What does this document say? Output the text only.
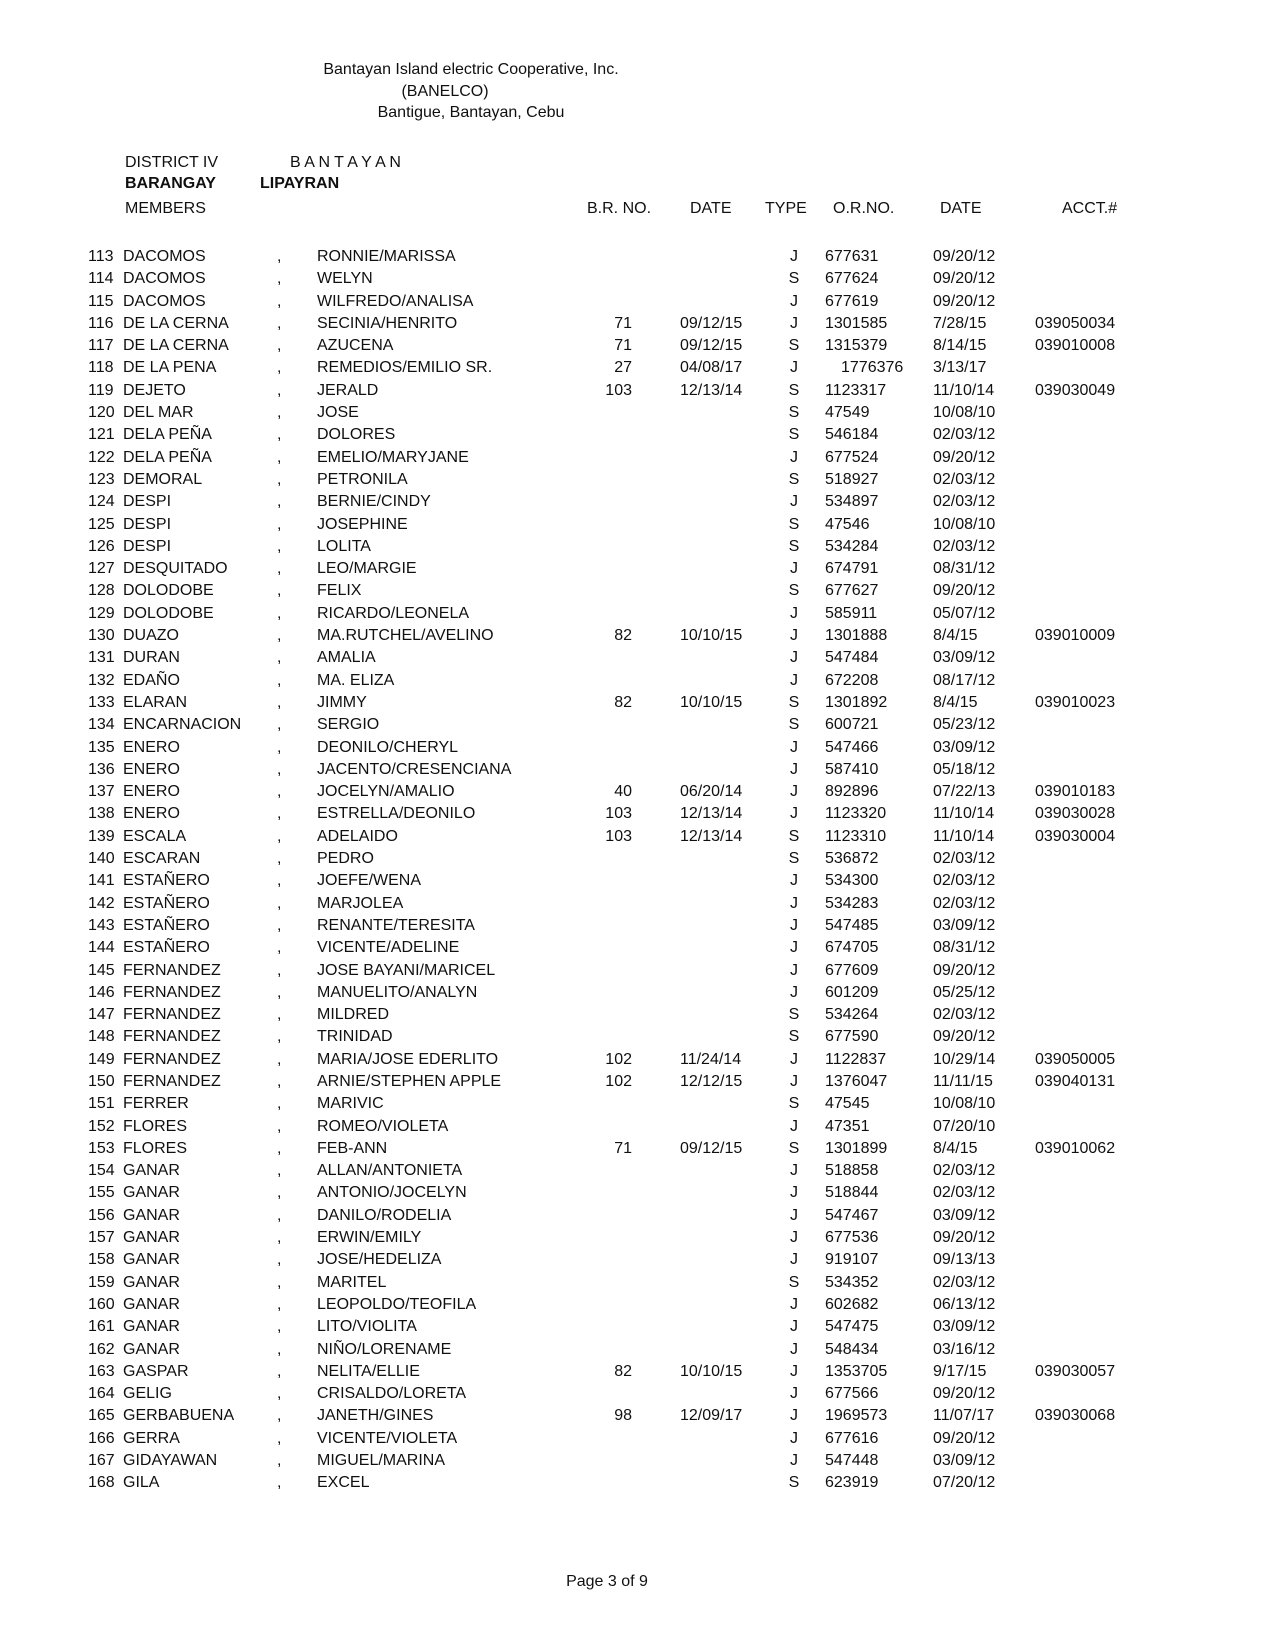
Bantayan Island electric Cooperative, Inc.
(BANELCO)
Bantigue, Bantayan, Cebu
DISTRICT IV	B A N T A Y A N
BARANGAY	LIPAYRAN
MEMBERS	B.R. NO. DATE TYPE O.R.NO.	DATE	ACCT.#
113 DACOMOS	, RONNIE/MARISSA	J	677631	09/20/12
114 DACOMOS	, WELYN	S	677624	09/20/12
115 DACOMOS	, WILFREDO/ANALISA	J	677619	09/20/12
116 DE LA CERNA	, SECINIA/HENRITO	71	09/12/15	J	1301585	7/28/15	039050034
117 DE LA CERNA	, AZUCENA	71	09/12/15	S	1315379	8/14/15	039010008
118 DE LA PENA	, REMEDIOS/EMILIO SR.	27	04/08/17	J	 1776376 3/13/17
119 DEJETO	, JERALD	103	12/13/14	S	1123317	11/10/14	039030049
120 DEL MAR	, JOSE	S	47549	10/08/10
121 DELA PEÑA	, DOLORES	S	546184	02/03/12
122 DELA PEÑA	, EMELIO/MARYJANE	J	677524	09/20/12
123 DEMORAL	, PETRONILA	S	518927	02/03/12
124 DESPI	, BERNIE/CINDY	J	534897	02/03/12
125 DESPI	, JOSEPHINE	S	47546	10/08/10
126 DESPI	, LOLITA	S	534284	02/03/12
127 DESQUITADO	, LEO/MARGIE	J	674791	08/31/12
128 DOLODOBE	, FELIX	S	677627	09/20/12
129 DOLODOBE	, RICARDO/LEONELA	J	585911	05/07/12
130 DUAZO	, MA.RUTCHEL/AVELINO	82	10/10/15	J	1301888	8/4/15	039010009
131 DURAN	, AMALIA	J	547484	03/09/12
132 EDAÑO	, MA. ELIZA	J	672208	08/17/12
133 ELARAN	, JIMMY	82	10/10/15	S	1301892	8/4/15	039010023
134 ENCARNACION , SERGIO	S	600721	05/23/12
135 ENERO	, DEONILO/CHERYL	J	547466	03/09/12
136 ENERO	, JACENTO/CRESENCIANA	J	587410	05/18/12
137 ENERO	, JOCELYN/AMALIO	40	06/20/14	J	892896	07/22/13 039010183
138 ENERO	, ESTRELLA/DEONILO	103	12/13/14	J	1123320	11/10/14	039030028
139 ESCALA	, ADELAIDO	103	12/13/14	S	1123310	11/10/14	039030004
140 ESCARAN	, PEDRO	S	536872	02/03/12
141 ESTAÑERO	, JOEFE/WENA	J	534300	02/03/12
142 ESTAÑERO	, MARJOLEA	J	534283	02/03/12
143 ESTAÑERO	, RENANTE/TERESITA	J	547485	03/09/12
144 ESTAÑERO	, VICENTE/ADELINE	J	674705	08/31/12
145 FERNANDEZ	, JOSE BAYANI/MARICEL	J	677609	09/20/12
146 FERNANDEZ	, MANUELITO/ANALYN	J	601209	05/25/12
147 FERNANDEZ	, MILDRED	S	534264	02/03/12
148 FERNANDEZ	, TRINIDAD	S	677590	09/20/12
149 FERNANDEZ	, MARIA/JOSE EDERLITO	102	11/24/14	J	1122837	10/29/14 039050005
150 FERNANDEZ	, ARNIE/STEPHEN APPLE	102	12/12/15	J	1376047	11/11/15	039040131
151 FERRER	, MARIVIC	S	47545	10/08/10
152 FLORES	, ROMEO/VIOLETA	J	47351	07/20/10
153 FLORES	, FEB-ANN	71	09/12/15	S	1301899	8/4/15	039010062
154 GANAR	, ALLAN/ANTONIETA	J	518858	02/03/12
155 GANAR	, ANTONIO/JOCELYN	J	518844	02/03/12
156 GANAR	, DANILO/RODELIA	J	547467	03/09/12
157 GANAR	, ERWIN/EMILY	J	677536	09/20/12
158 GANAR	, JOSE/HEDELIZA	J	919107	09/13/13
159 GANAR	, MARITEL	S	534352	02/03/12
160 GANAR	, LEOPOLDO/TEOFILA	J	602682	06/13/12
161 GANAR	, LITO/VIOLITA	J	547475	03/09/12
162 GANAR	, NIÑO/LORENAME	J	548434	03/16/12
163 GASPAR	, NELITA/ELLIE	82	10/10/15	J	1353705	9/17/15	039030057
164 GELIG	, CRISALDO/LORETA	J	677566	09/20/12
165 GERBABUENA	, JANETH/GINES	98	12/09/17	J	1969573	11/07/17	039030068
166 GERRA	, VICENTE/VIOLETA	J	677616	09/20/12
167 GIDAYAWAN	, MIGUEL/MARINA	J	547448	03/09/12
168 GILA	, EXCEL	S	623919	07/20/12
Page 3 of 9
